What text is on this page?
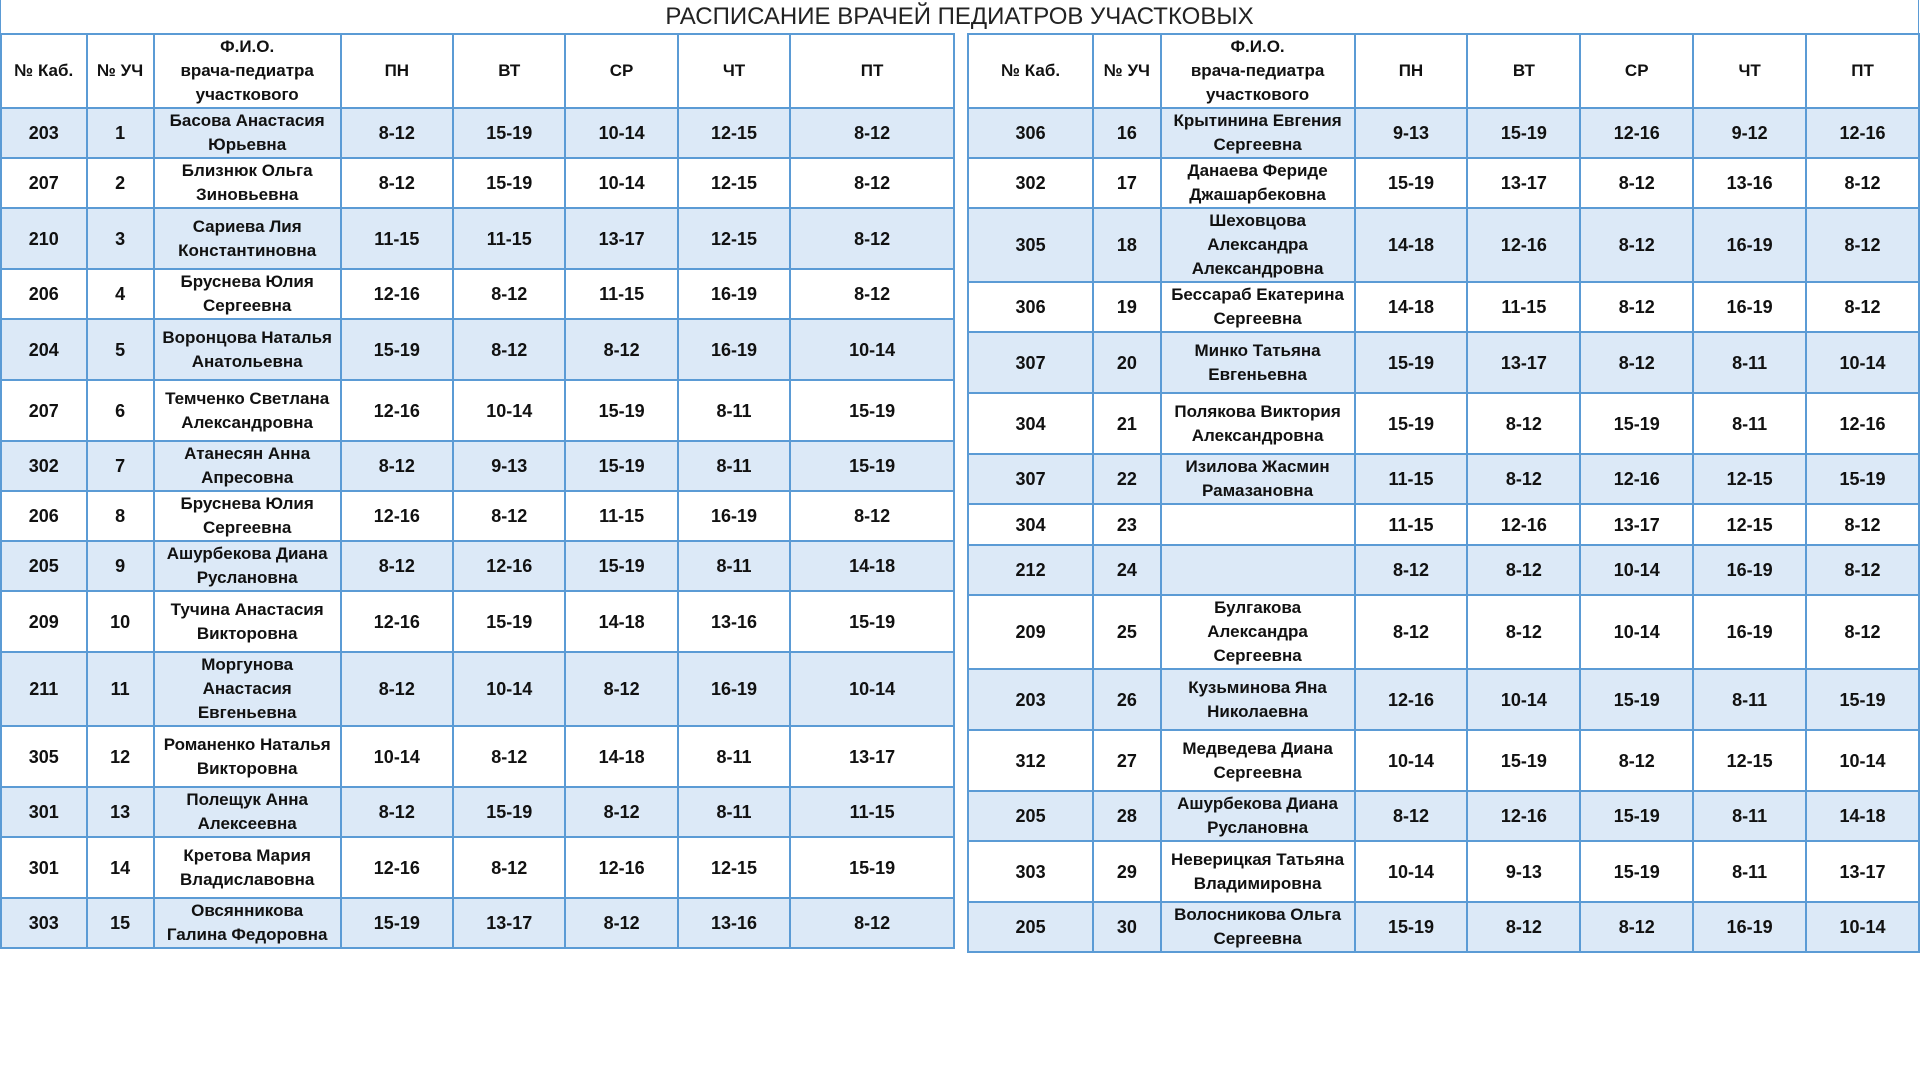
РАСПИСАНИЕ ВРАЧЕЙ ПЕДИАТРОВ УЧАСТКОВЫХ
№ Каб.	№ УЧ	Ф.И.О.
врача-педиатра
участкового	ПН	ВТ	СР	ЧТ	ПТ
203	1	Басова Анастасия
Юрьевна	8-12	15-19	10-14	12-15	8-12
207	2	Близнюк Ольга
Зиновьевна	8-12	15-19	10-14	12-15	8-12
210	3	Сариева Лия
Константиновна	11-15	11-15	13-17	12-15	8-12
206	4	Бруснева Юлия
Сергеевна	12-16	8-12	11-15	16-19	8-12
204	5	Воронцова Наталья
Анатольевна	15-19	8-12	8-12	16-19	10-14
207	6	Темченко Светлана
Александровна	12-16	10-14	15-19	8-11	15-19
302	7	Атанесян Анна
Апресовна	8-12	9-13	15-19	8-11	15-19
206	8	Бруснева Юлия
Сергеевна	12-16	8-12	11-15	16-19	8-12
205	9	Ашурбекова Диана
Руслановна	8-12	12-16	15-19	8-11	14-18
209	10	Тучина Анастасия
Викторовна	12-16	15-19	14-18	13-16	15-19
211	11	Моргунова
Анастасия
Евгеньевна	8-12	10-14	8-12	16-19	10-14
305	12	Романенко Наталья
Викторовна	10-14	8-12	14-18	8-11	13-17
301	13	Полещук Анна
Алексеевна	8-12	15-19	8-12	8-11	11-15
301	14	Кретова Мария
Владиславовна	12-16	8-12	12-16	12-15	15-19
303	15	Овсянникова
Галина Федоровна	15-19	13-17	8-12	13-16	8-12
№ Каб.	№ УЧ	Ф.И.О.
врача-педиатра
участкового	ПН	ВТ	СР	ЧТ	ПТ
306	16	Крытинина Евгения
Сергеевна	9-13	15-19	12-16	9-12	12-16
302	17	Данаева Фериде
Джашарбековна	15-19	13-17	8-12	13-16	8-12
305	18	Шеховцова
Александра
Александровна	14-18	12-16	8-12	16-19	8-12
306	19	Бессараб Екатерина
Сергеевна	14-18	11-15	8-12	16-19	8-12
307	20	Минко Татьяна
Евгеньевна	15-19	13-17	8-12	8-11	10-14
304	21	Полякова Виктория
Александровна	15-19	8-12	15-19	8-11	12-16
307	22	Изилова Жасмин
Рамазановна	11-15	8-12	12-16	12-15	15-19
304	23		11-15	12-16	13-17	12-15	8-12
212	24		8-12	8-12	10-14	16-19	8-12
209	25	Булгакова
Александра
Сергеевна	8-12	8-12	10-14	16-19	8-12
203	26	Кузьминова Яна
Николаевна	12-16	10-14	15-19	8-11	15-19
312	27	Медведева Диана
Сергеевна	10-14	15-19	8-12	12-15	10-14
205	28	Ашурбекова Диана
Руслановна	8-12	12-16	15-19	8-11	14-18
303	29	Неверицкая Татьяна
Владимировна	10-14	9-13	15-19	8-11	13-17
205	30	Волосникова Ольга
Сергеевна	15-19	8-12	8-12	16-19	10-14
